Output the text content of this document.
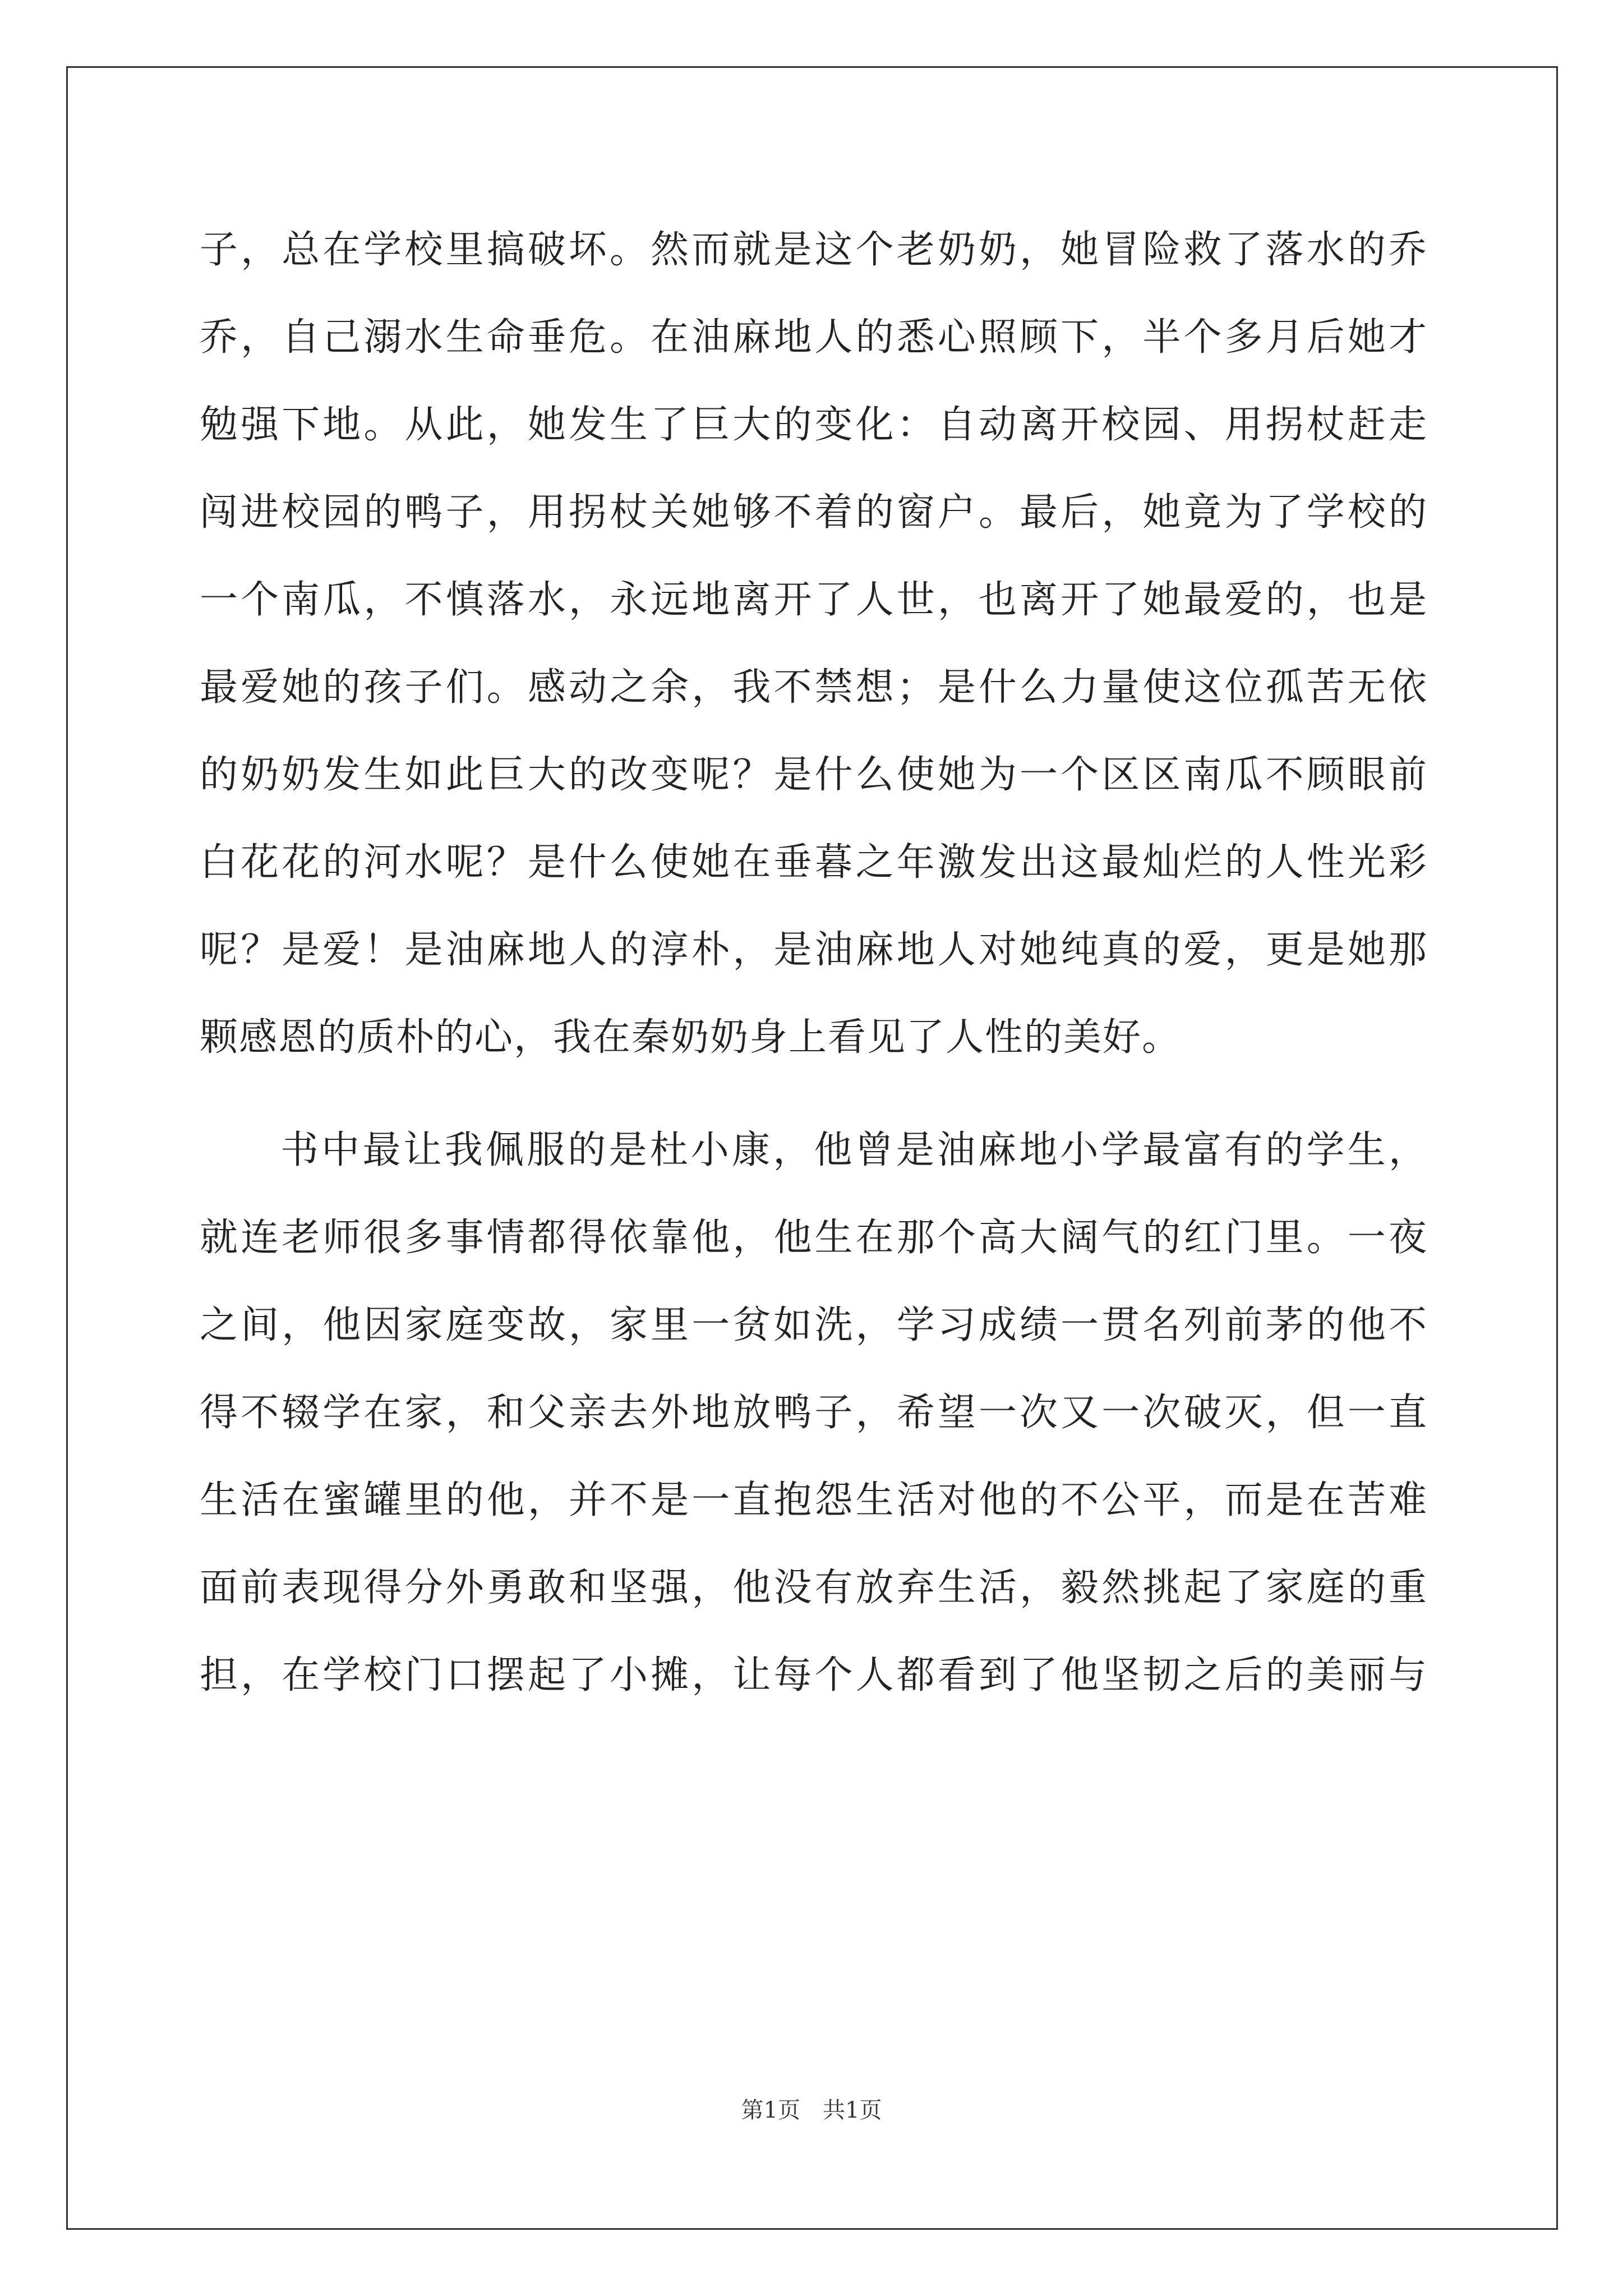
子，总在学校里搞破坏。然而就是这个老奶奶，她冒险救了落水的乔
乔，自己溺水生命垂危。在油麻地人的悉心照顾下，半个多月后她才
勉强下地。从此，她发生了巨大的变化：自动离开校园、用拐杖赶走
闯进校园的鸭子，用拐杖关她够不着的窗户。最后，她竟为了学校的
一个南瓜，不慎落水，永远地离开了人世，也离开了她最爱的，也是
最爱她的孩子们。感动之余，我不禁想；是什么力量使这位孤苦无依
的奶奶发生如此巨大的改变呢？是什么使她为一个区区南瓜不顾眼前
白花花的河水呢？是什么使她在垂暮之年激发出这最灿烂的人性光彩
呢？是爱！是油麻地人的淳朴，是油麻地人对她纯真的爱，更是她那
颗感恩的质朴的心，我在秦奶奶身上看见了人性的美好。
书中最让我佩服的是杜小康，他曾是油麻地小学最富有的学生，
就连老师很多事情都得依靠他，他生在那个高大阔气的红门里。一夜
之间，他因家庭变故，家里一贫如洗，学习成绩一贯名列前茅的他不
得不辍学在家，和父亲去外地放鸭子，希望一次又一次破灭，但一直
生活在蜜罐里的他，并不是一直抱怨生活对他的不公平，而是在苦难
面前表现得分外勇敢和坚强，他没有放弃生活，毅然挑起了家庭的重
担，在学校门口摆起了小摊，让每个人都看到了他坚韧之后的美丽与
第1页　共1页
